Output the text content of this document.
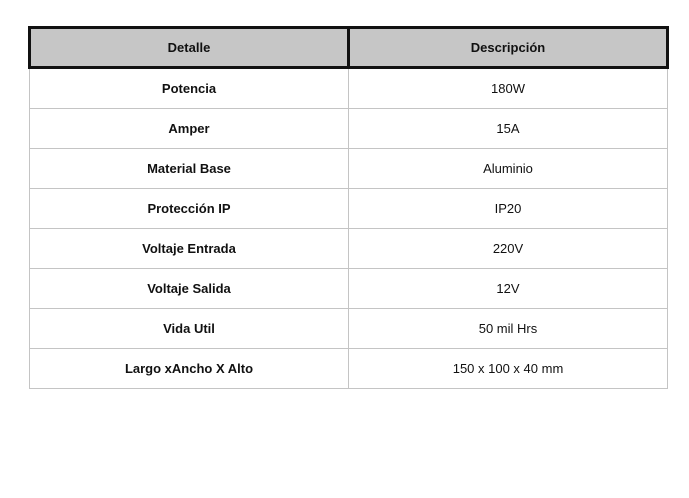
Detalle	Descripción
Potencia	180W
Amper	15A
Material Base	Aluminio
Protección IP	IP20
Voltaje Entrada	220V
Voltaje Salida	12V
Vida Util	50 mil Hrs
Largo xAncho X Alto	150 x 100 x 40 mm
